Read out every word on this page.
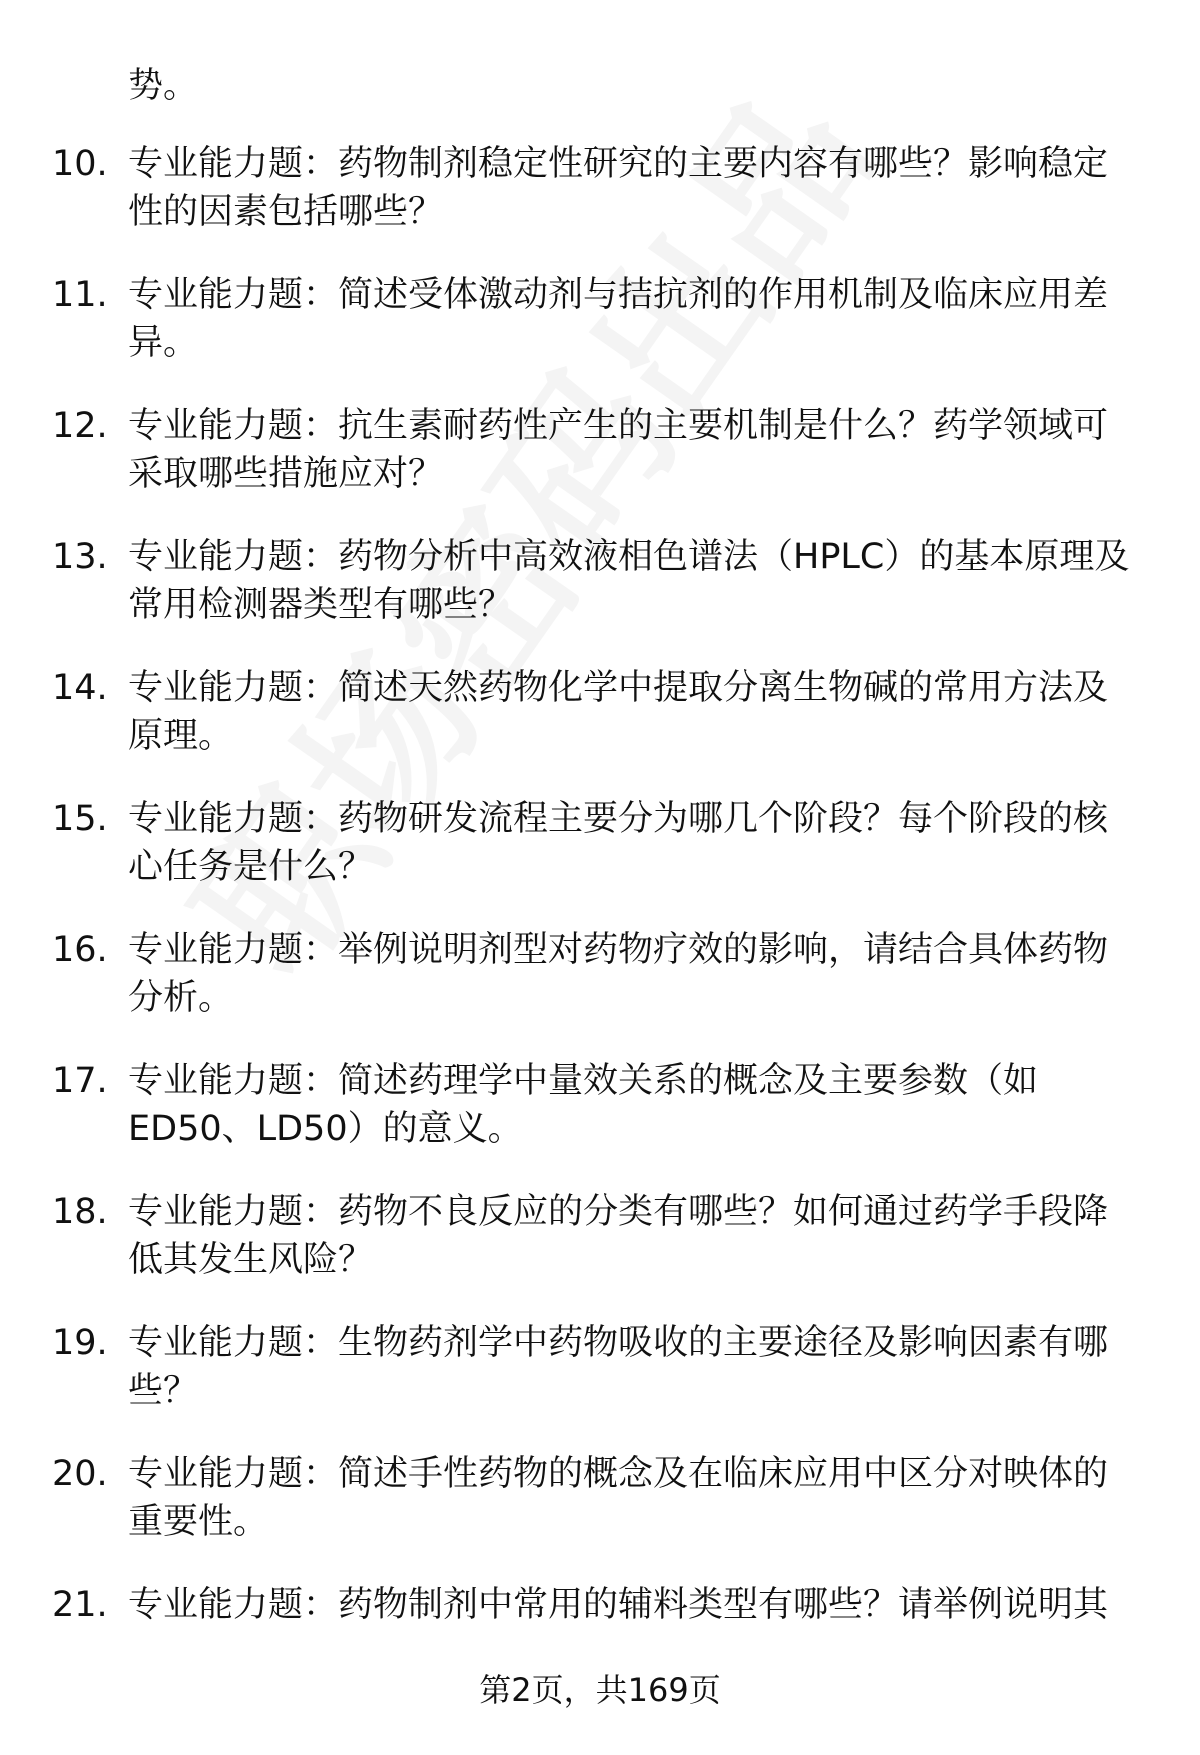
势。
10. 专业能力题：药物制剂稳定性研究的主要内容有哪些？影响稳定
性的因素包括哪些？
11. 专业能力题：简述受体激动剂与拮抗剂的作用机制及临床应用差
异。
12. 专业能力题：抗生素耐药性产生的主要机制是什么？药学领域可
采取哪些措施应对？
13. 专业能力题：药物分析中高效液相色谱法（HPLC）的基本原理及
常用检测器类型有哪些？
14. 专业能力题：简述天然药物化学中提取分离生物碱的常用方法及
原理。
15. 专业能力题：药物研发流程主要分为哪几个阶段？每个阶段的核
心任务是什么？
16. 专业能力题：举例说明剂型对药物疗效的影响，请结合具体药物
分析。
17. 专业能力题：简述药理学中量效关系的概念及主要参数（如
ED50、LD50）的意义。
18. 专业能力题：药物不良反应的分类有哪些？如何通过药学手段降
低其发生风险？
19. 专业能力题：生物药剂学中药物吸收的主要途径及影响因素有哪
些？
20. 专业能力题：简述手性药物的概念及在临床应用中区分对映体的
重要性。
21. 专业能力题：药物制剂中常用的辅料类型有哪些？请举例说明其
第2页，共169页
